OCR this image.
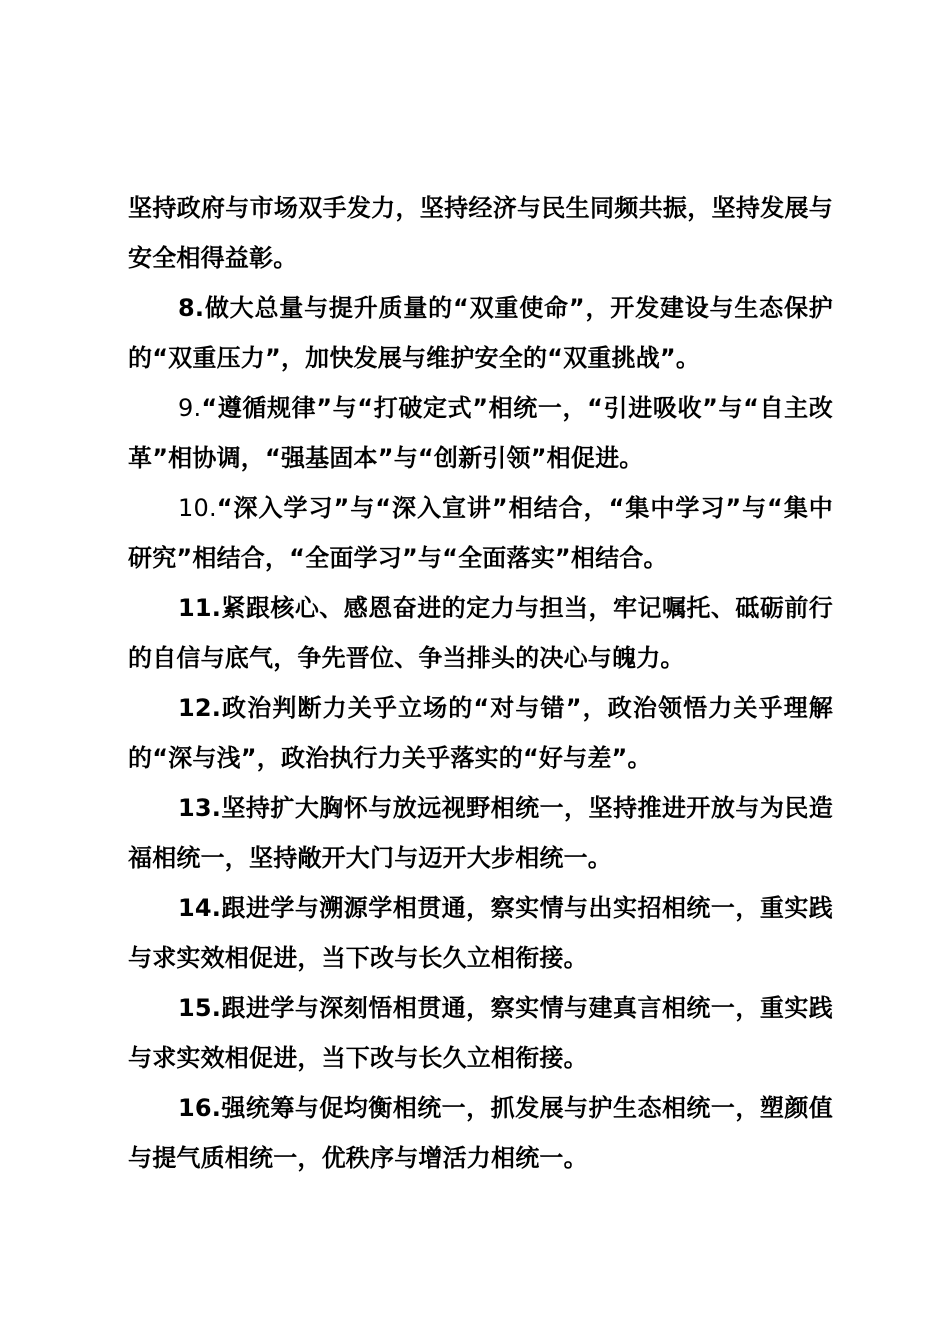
坚持政府与市场双手发力，坚持经济与民生同频共振，坚持发展与安全相得益彰。

8.做大总量与提升质量的“双重使命”，开发建设与生态保护的“双重压力”，加快发展与维护安全的“双重挑战”。

9.“遵循规律”与“打破定式”相统一，“引进吸收”与“自主改革”相协调，“强基固本”与“创新引领”相促进。

10.“深入学习”与“深入宣讲”相结合，“集中学习”与“集中研究”相结合，“全面学习”与“全面落实”相结合。

11.紧跟核心、感恩奋进的定力与担当，牢记嘱托、砥砺前行的自信与底气，争先晋位、争当排头的决心与魄力。

12.政治判断力关乎立场的“对与错”，政治领悟力关乎理解的“深与浅”，政治执行力关乎落实的“好与差”。

13.坚持扩大胸怀与放远视野相统一，坚持推进开放与为民造福相统一，坚持敞开大门与迈开大步相统一。

14.跟进学与溯源学相贯通，察实情与出实招相统一，重实践与求实效相促进，当下改与长久立相衔接。

15.跟进学与深刻悟相贯通，察实情与建真言相统一，重实践与求实效相促进，当下改与长久立相衔接。

16.强统筹与促均衡相统一，抓发展与护生态相统一，塑颜值与提气质相统一，优秩序与增活力相统一。
